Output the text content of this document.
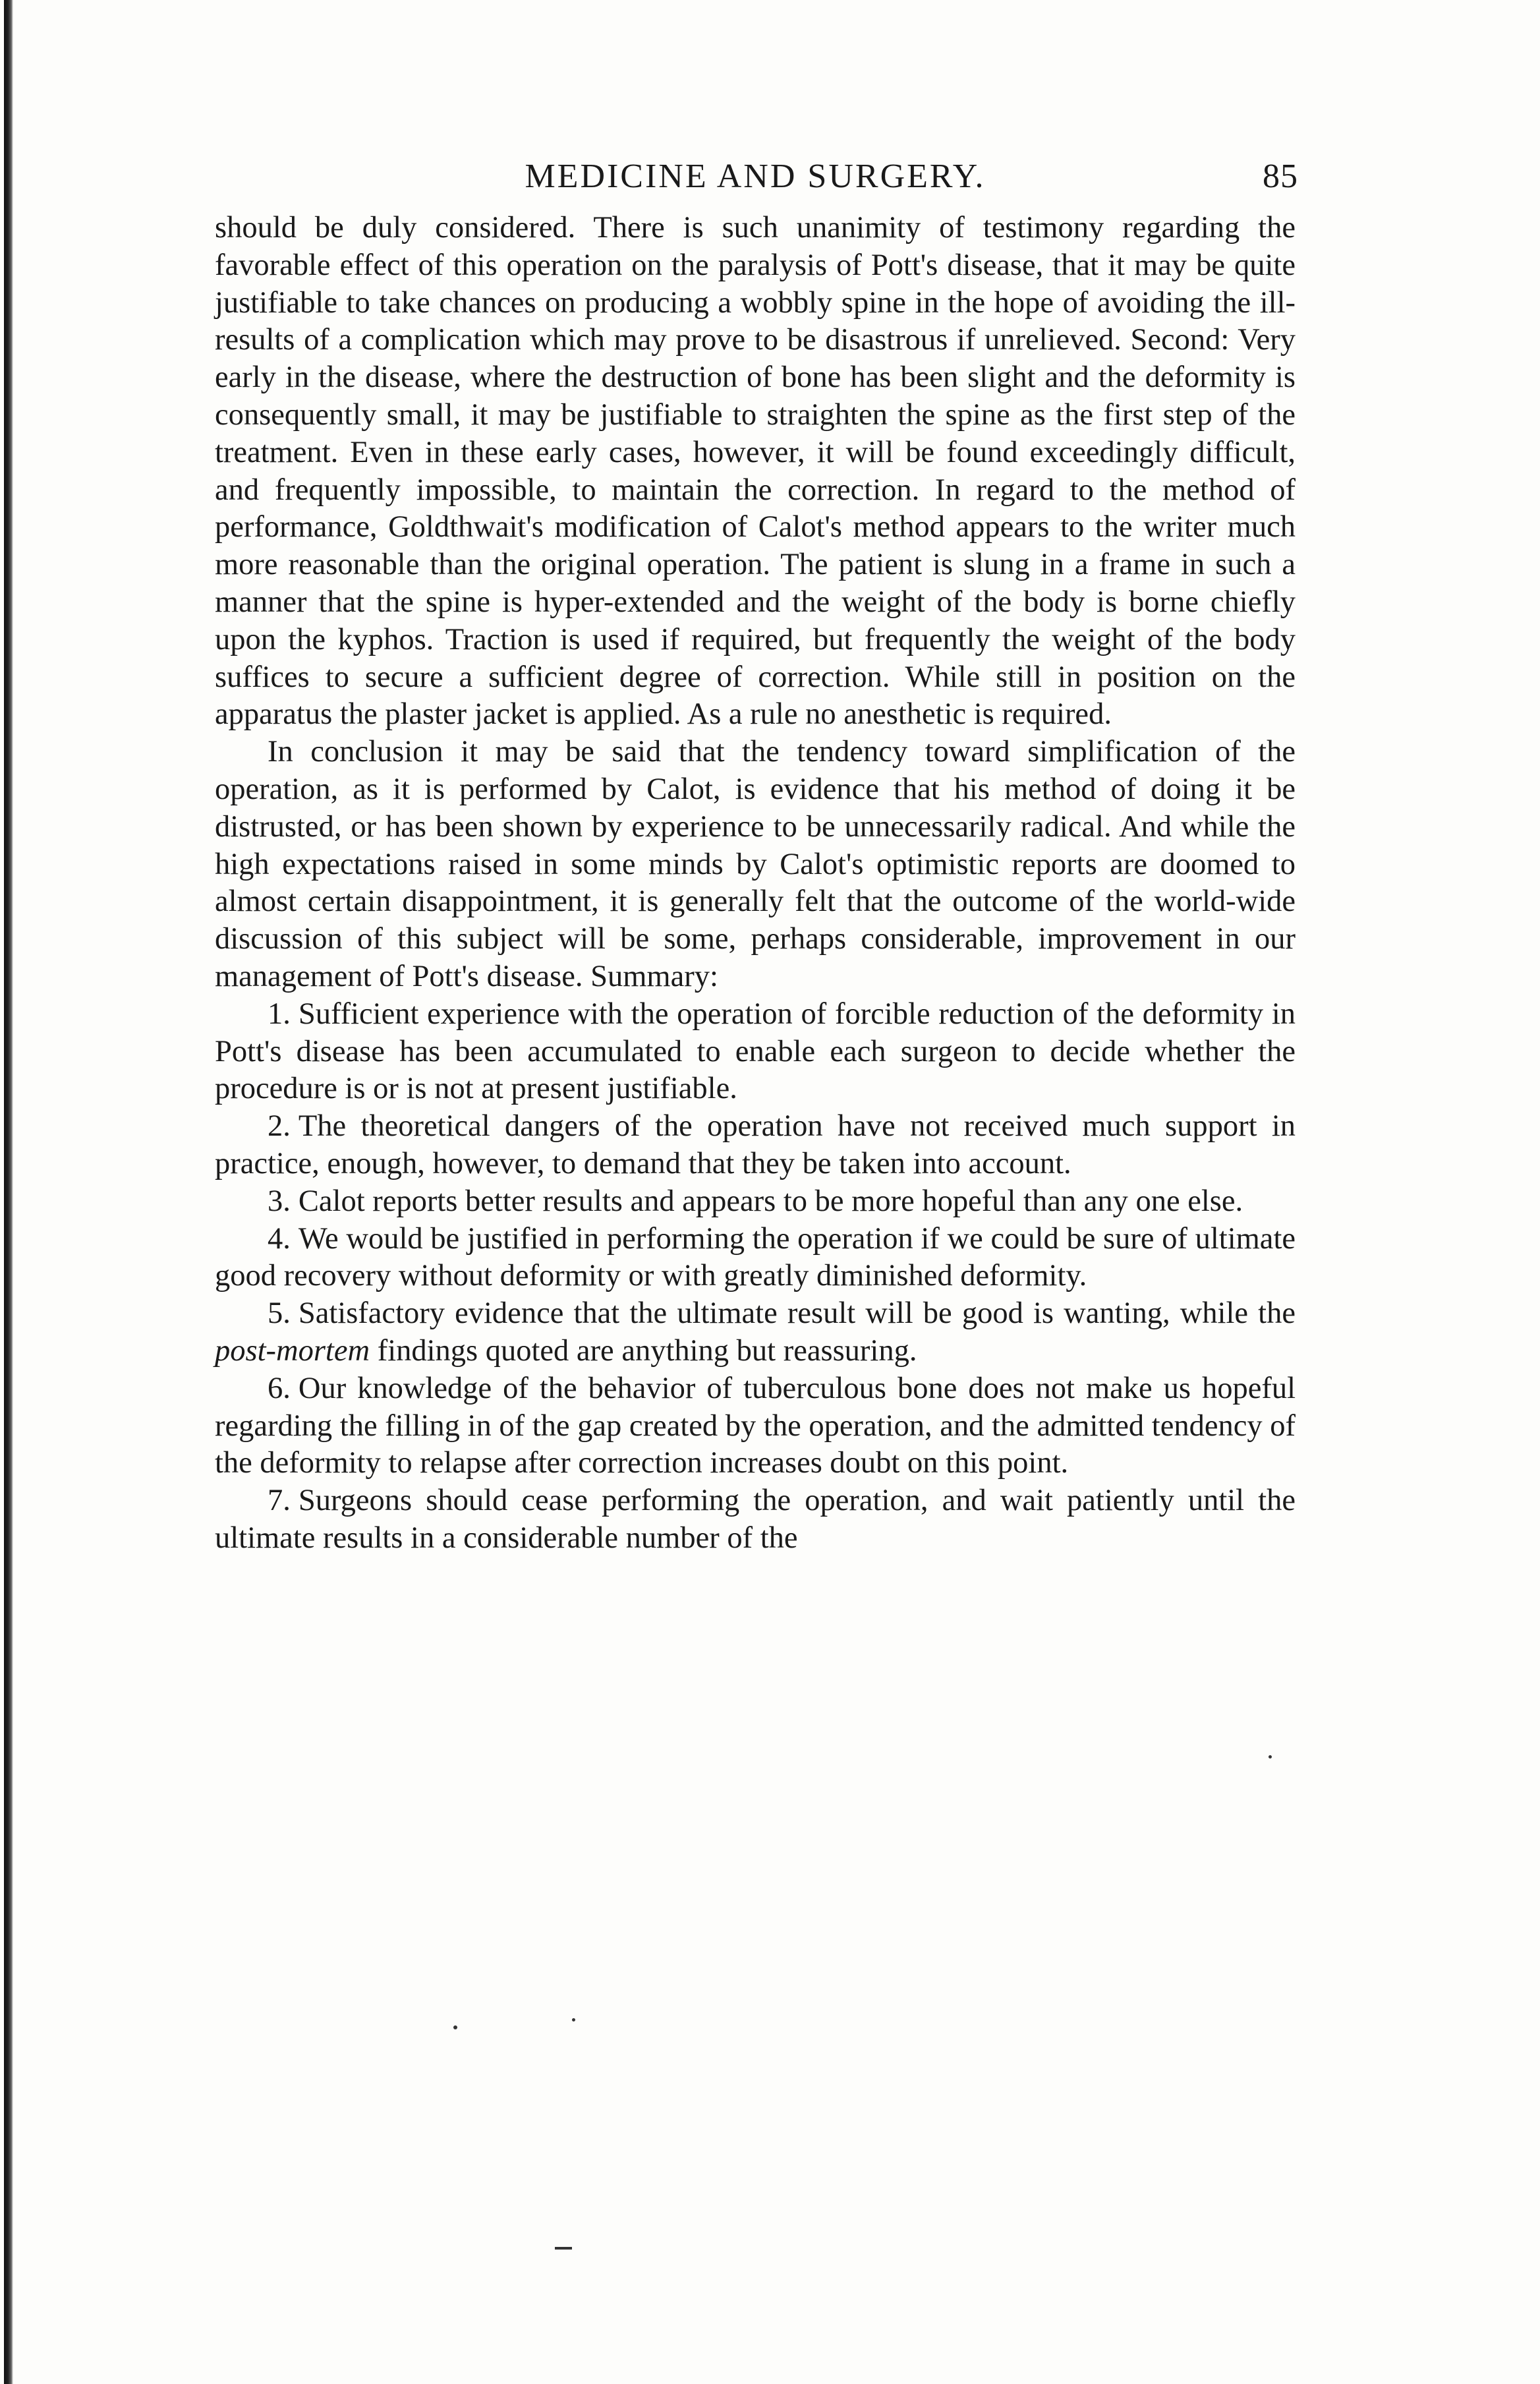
MEDICINE AND SURGERY.	85

should be duly considered. There is such unanimity of testimony regarding the favorable effect of this operation on the paralysis of Pott's disease, that it may be quite justifiable to take chances on producing a wobbly spine in the hope of avoiding the ill-results of a complication which may prove to be disastrous if unrelieved. Second: Very early in the disease, where the destruction of bone has been slight and the deformity is consequently small, it may be justifiable to straighten the spine as the first step of the treatment. Even in these early cases, however, it will be found exceedingly difficult, and frequently impossible, to maintain the correction. In regard to the method of performance, Goldthwait's modification of Calot's method appears to the writer much more reasonable than the original operation. The patient is slung in a frame in such a manner that the spine is hyper-extended and the weight of the body is borne chiefly upon the kyphos. Traction is used if required, but frequently the weight of the body suffices to secure a sufficient degree of correction. While still in position on the apparatus the plaster jacket is applied. As a rule no anesthetic is required.

In conclusion it may be said that the tendency toward simplification of the operation, as it is performed by Calot, is evidence that his method of doing it be distrusted, or has been shown by experience to be unnecessarily radical. And while the high expectations raised in some minds by Calot's optimistic reports are doomed to almost certain disappointment, it is generally felt that the outcome of the world-wide discussion of this subject will be some, perhaps considerable, improvement in our management of Pott's disease. Summary:

1. Sufficient experience with the operation of forcible reduction of the deformity in Pott's disease has been accumulated to enable each surgeon to decide whether the procedure is or is not at present justifiable.

2. The theoretical dangers of the operation have not received much support in practice, enough, however, to demand that they be taken into account.

3. Calot reports better results and appears to be more hopeful than any one else.

4. We would be justified in performing the operation if we could be sure of ultimate good recovery without deformity or with greatly diminished deformity.

5. Satisfactory evidence that the ultimate result will be good is wanting, while the post-mortem findings quoted are anything but reassuring.

6. Our knowledge of the behavior of tuberculous bone does not make us hopeful regarding the filling in of the gap created by the operation, and the admitted tendency of the deformity to relapse after correction increases doubt on this point.

7. Surgeons should cease performing the operation, and wait patiently until the ultimate results in a considerable number of the
